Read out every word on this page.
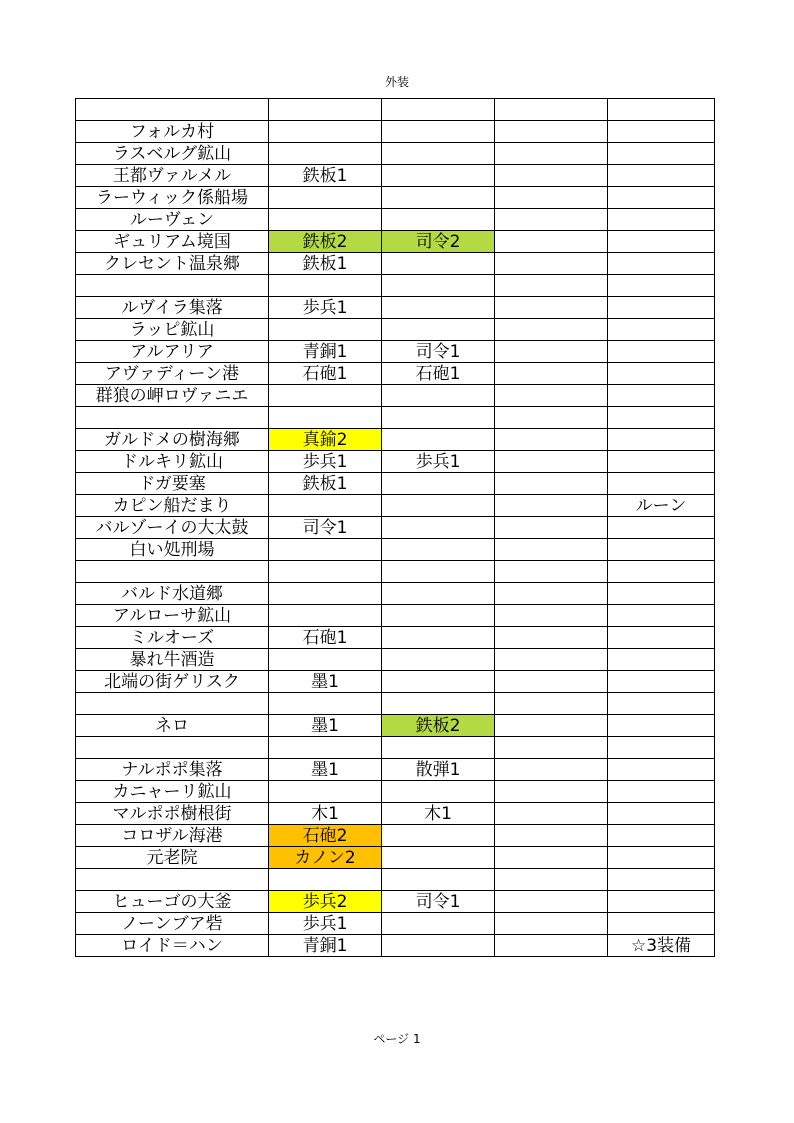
外装

フォルカ村				
ラスベルグ鉱山				
王都ヴァルメル	鉄板1			
ラーウィック係船場				
ルーヴェン				
ギュリアム境国	鉄板2	司令2		
クレセント温泉郷	鉄板1			

ルヴイラ集落	歩兵1			
ラッピ鉱山				
アルアリア	青銅1	司令1		
アヴァディーン港	石砲1	石砲1		
群狼の岬ロヴァニエ				

ガルドメの樹海郷	真鍮2			
ドルキリ鉱山	歩兵1	歩兵1		
ドガ要塞	鉄板1			
カピン船だまり				ルーン
バルゾーイの大太鼓	司令1			
白い処刑場				

バルド水道郷				
アルローサ鉱山				
ミルオーズ	石砲1			
暴れ牛酒造				
北端の街ゲリスク	墨1			

ネロ	墨1	鉄板2		

ナルポポ集落	墨1	散弾1		
カニャーリ鉱山				
マルポポ樹根街	木1	木1		
コロザル海港	石砲2			
元老院	カノン2			

ヒューゴの大釜	歩兵2	司令1		
ノーンブア砦	歩兵1			
ロイド＝ハン	青銅1			☆3装備
ページ 1
